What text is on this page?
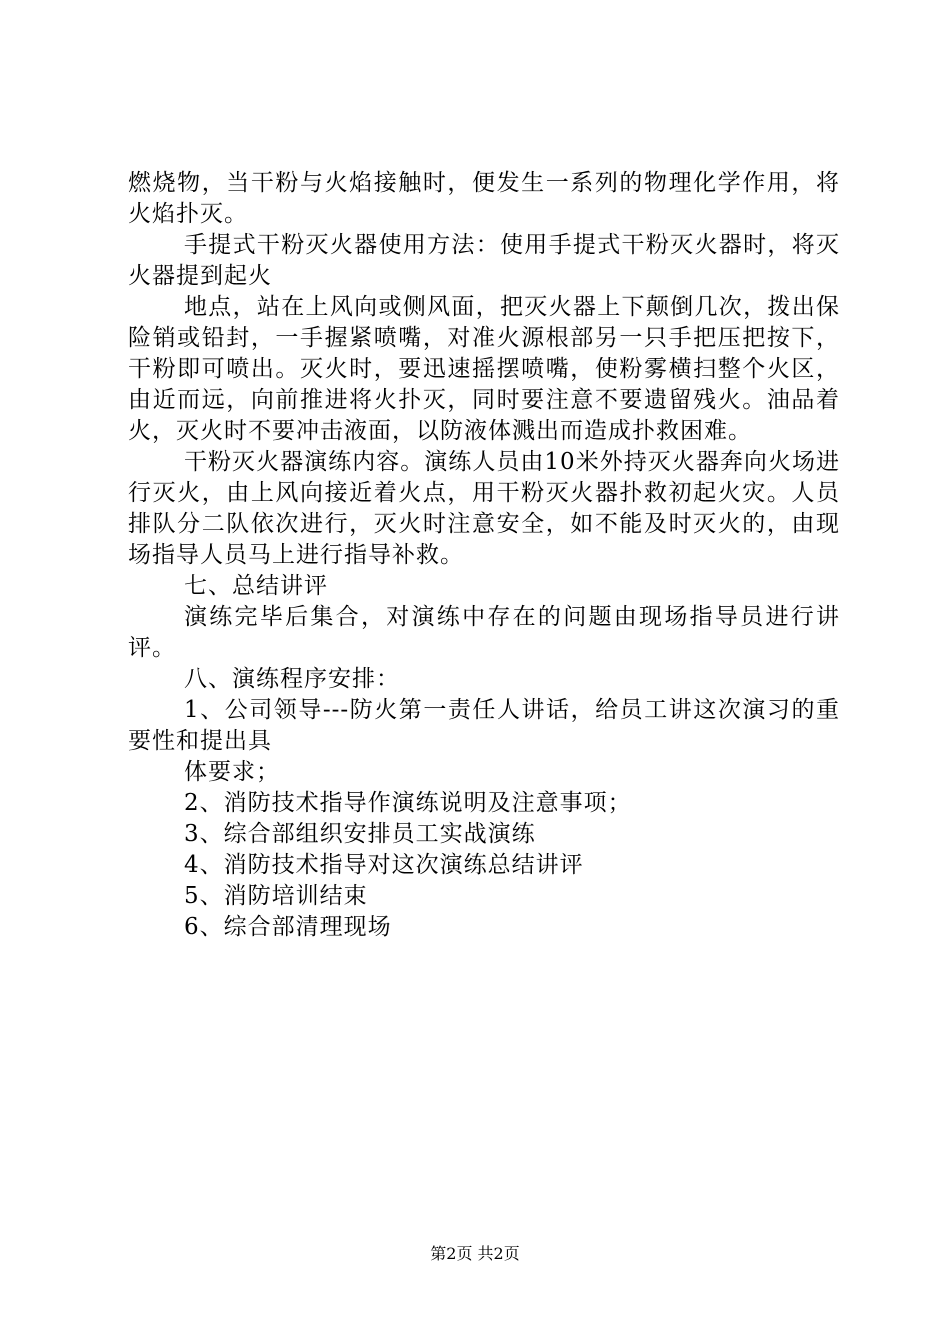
燃烧物，当干粉与火焰接触时，便发生一系列的物理化学作用，将火焰扑灭。

手提式干粉灭火器使用方法：使用手提式干粉灭火器时，将灭火器提到起火

地点，站在上风向或侧风面，把灭火器上下颠倒几次，拨出保险销或铅封，一手握紧喷嘴，对准火源根部另一只手把压把按下，干粉即可喷出。灭火时，要迅速摇摆喷嘴，使粉雾横扫整个火区，由近而远，向前推进将火扑灭，同时要注意不要遗留残火。油品着火，灭火时不要冲击液面，以防液体溅出而造成扑救困难。

干粉灭火器演练内容。演练人员由10米外持灭火器奔向火场进行灭火，由上风向接近着火点，用干粉灭火器扑救初起火灾。人员排队分二队依次进行，灭火时注意安全，如不能及时灭火的，由现场指导人员马上进行指导补救。

七、总结讲评

演练完毕后集合，对演练中存在的问题由现场指导员进行讲评。

八、演练程序安排：

1、公司领导---防火第一责任人讲话，给员工讲这次演习的重要性和提出具

体要求；

2、消防技术指导作演练说明及注意事项；

3、综合部组织安排员工实战演练

4、消防技术指导对这次演练总结讲评

5、消防培训结束

6、综合部清理现场

第2页 共2页
